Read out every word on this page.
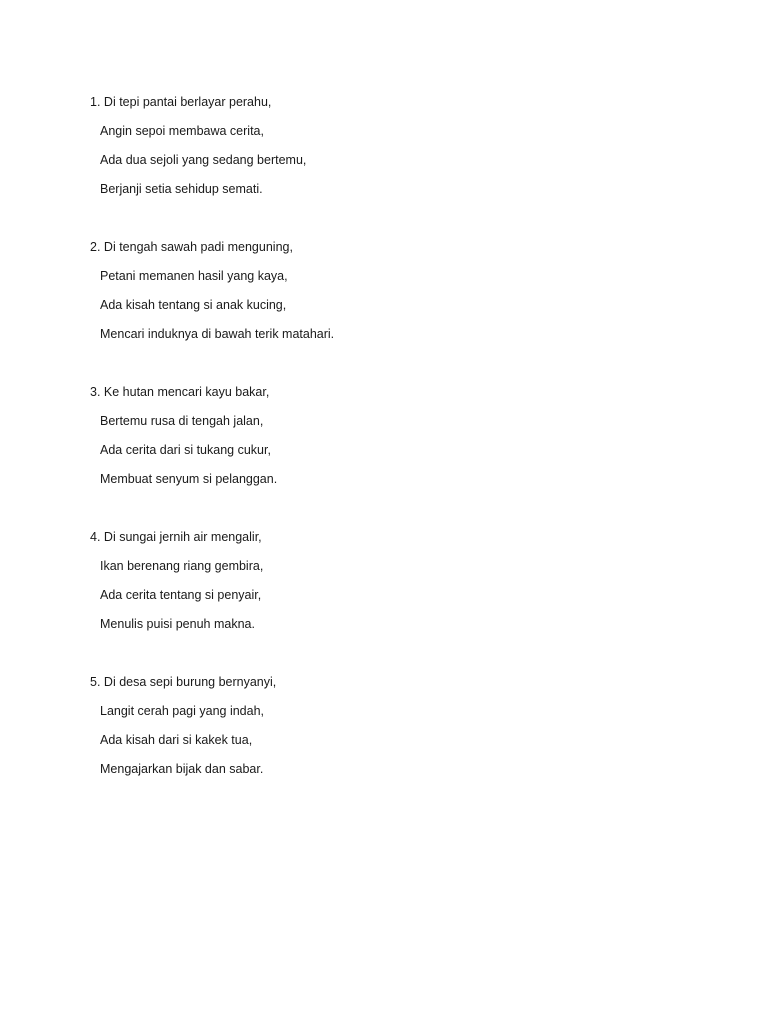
1. Di tepi pantai berlayar perahu,
Angin sepoi membawa cerita,
Ada dua sejoli yang sedang bertemu,
Berjanji setia sehidup semati.
2. Di tengah sawah padi menguning,
Petani memanen hasil yang kaya,
Ada kisah tentang si anak kucing,
Mencari induknya di bawah terik matahari.
3. Ke hutan mencari kayu bakar,
Bertemu rusa di tengah jalan,
Ada cerita dari si tukang cukur,
Membuat senyum si pelanggan.
4. Di sungai jernih air mengalir,
Ikan berenang riang gembira,
Ada cerita tentang si penyair,
Menulis puisi penuh makna.
5. Di desa sepi burung bernyanyi,
Langit cerah pagi yang indah,
Ada kisah dari si kakek tua,
Mengajarkan bijak dan sabar.
